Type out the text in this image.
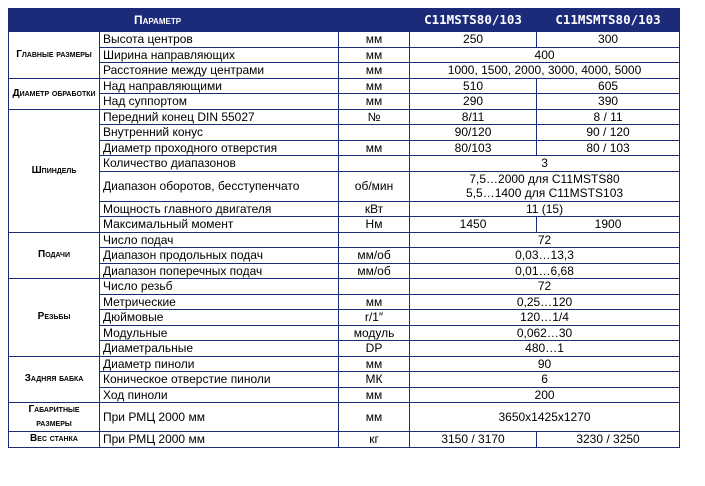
Параметр			C11MSTS80/103	C11MSMTS80/103
Главные размеры	Высота центров	мм	250	300
	Ширина направляющих	мм	400	
	Расстояние между центрами	мм	1000, 1500, 2000, 3000, 4000, 5000	
Диаметр обработки	Над направляющими	мм	510	605
	Над суппортом	мм	290	390
Шпиндель	Передний конец DIN 55027	№	8/11	8 / 11
	Внутренний конус		90/120	90 / 120
	Диаметр проходного отверстия	мм	80/103	80 / 103
	Количество диапазонов		3	
	Диапазон оборотов, бесступенчато	об/мин	7,5…2000 для C11MSTS80
5,5…1400 для C11MSTS103	

	Мощность главного двигателя	кВт	11 (15)	
	Максимальный момент	Нм	1450	1900
Подачи	Число подач		72	
	Диапазон продольных подач	мм/об	0,03…13,3	
	Диапазон поперечных подач	мм/об	0,01…6,68	
Резьбы	Число резьб		72	
	Метрические	мм	0,25…120	
	Дюймовые	r/1″	120…1/4	
	Модульные	модуль	0,062…30	
	Диаметральные	DP	480…1	
Задняя бабка	Диаметр пиноли	мм	90	
	Коническое отверстие пиноли	МК	6	
	Ход пиноли	мм	200	
Габаритные размеры	При РМЦ 2000 мм	мм	3650x1425x1270	
Вес станка	При РМЦ 2000 мм	кг	3150 / 3170	3230 / 3250
